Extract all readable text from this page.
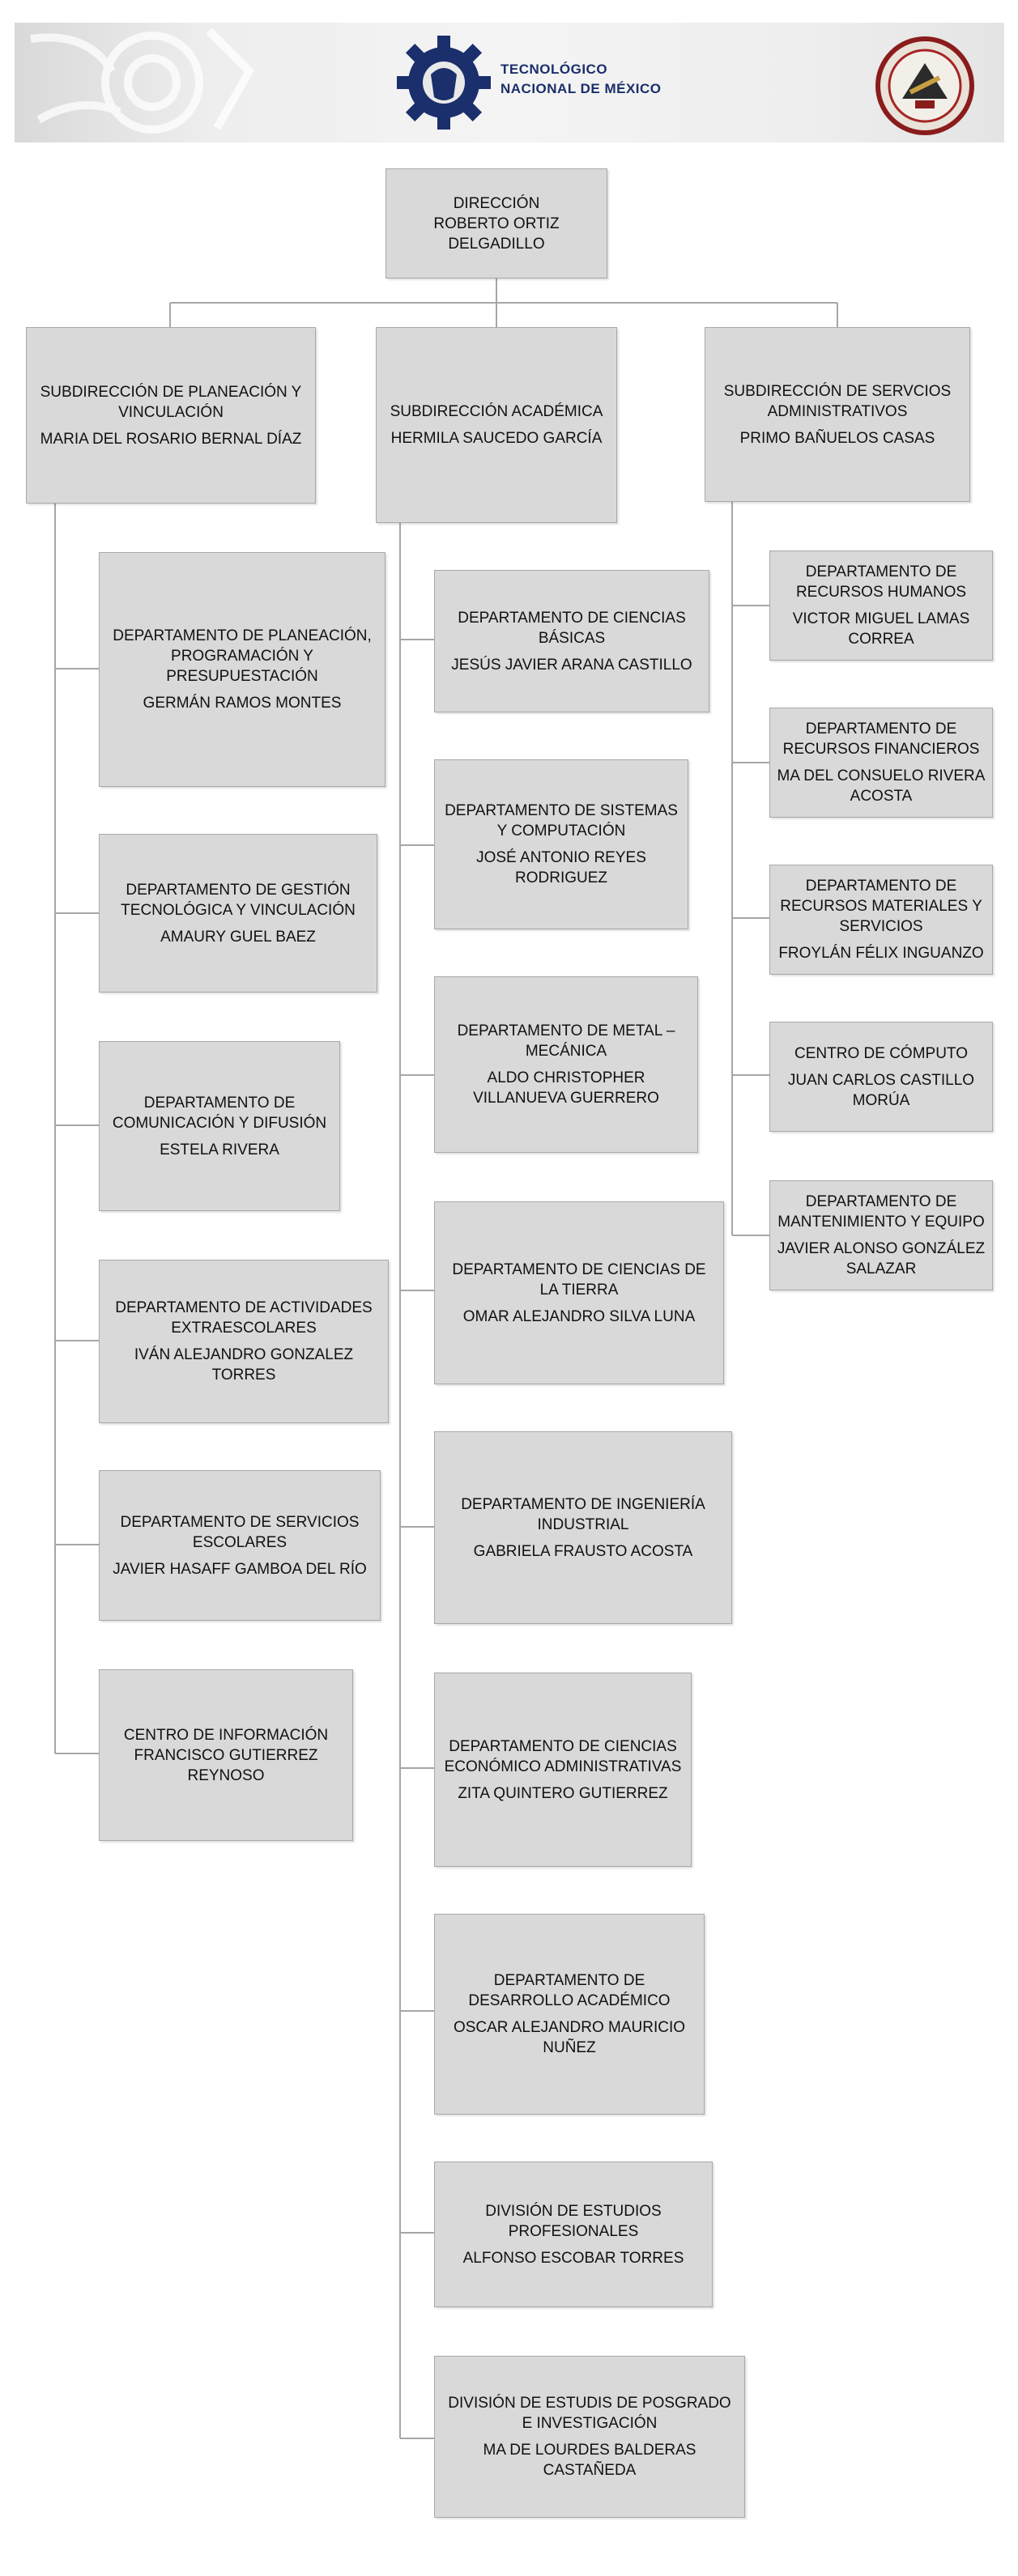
TECNOLÓGICO
NACIONAL DE MÉXICO
DIRECCIÓN
ROBERTO ORTIZ DELGADILLO
SUBDIRECCIÓN DE PLANEACIÓN Y VINCULACIÓN
MARIA DEL ROSARIO BERNAL DÍAZ
SUBDIRECCIÓN ACADÉMICA
HERMILA SAUCEDO GARCÍA
SUBDIRECCIÓN DE SERVCIOS ADMINISTRATIVOS
PRIMO BAÑUELOS CASAS
DEPARTAMENTO DE PLANEACIÓN, PROGRAMACIÓN Y PRESUPUESTACIÓN
GERMÁN RAMOS MONTES
DEPARTAMENTO DE GESTIÓN TECNOLÓGICA Y VINCULACIÓN
AMAURY GUEL BAEZ
DEPARTAMENTO DE COMUNICACIÓN Y DIFUSIÓN
ESTELA RIVERA
DEPARTAMENTO DE ACTIVIDADES EXTRAESCOLARES
IVÁN ALEJANDRO GONZALEZ TORRES
DEPARTAMENTO DE SERVICIOS ESCOLARES
JAVIER HASAFF GAMBOA DEL RÍO
CENTRO DE INFORMACIÓN
FRANCISCO GUTIERREZ REYNOSO
DEPARTAMENTO DE CIENCIAS BÁSICAS
JESÚS JAVIER ARANA CASTILLO
DEPARTAMENTO DE SISTEMAS Y COMPUTACIÓN
JOSÉ ANTONIO REYES RODRIGUEZ
DEPARTAMENTO DE METAL – MECÁNICA
ALDO CHRISTOPHER VILLANUEVA GUERRERO
DEPARTAMENTO DE CIENCIAS DE LA TIERRA
OMAR ALEJANDRO SILVA LUNA
DEPARTAMENTO DE INGENIERÍA INDUSTRIAL
GABRIELA FRAUSTO ACOSTA
DEPARTAMENTO DE CIENCIAS ECONÓMICO ADMINISTRATIVAS
ZITA QUINTERO GUTIERREZ
DEPARTAMENTO DE DESARROLLO ACADÉMICO
OSCAR ALEJANDRO MAURICIO NUÑEZ
DIVISIÓN DE ESTUDIOS PROFESIONALES
ALFONSO ESCOBAR TORRES
DIVISIÓN DE ESTUDIS DE POSGRADO E INVESTIGACIÓN
MA DE LOURDES BALDERAS CASTAÑEDA
DEPARTAMENTO DE RECURSOS HUMANOS
VICTOR MIGUEL LAMAS CORREA
DEPARTAMENTO DE RECURSOS FINANCIEROS
MA DEL CONSUELO RIVERA ACOSTA
DEPARTAMENTO DE RECURSOS MATERIALES Y SERVICIOS
FROYLÁN FÉLIX INGUANZO
CENTRO DE CÓMPUTO
JUAN CARLOS CASTILLO MORÚA
DEPARTAMENTO DE MANTENIMIENTO Y EQUIPO
JAVIER ALONSO GONZÁLEZ SALAZAR
